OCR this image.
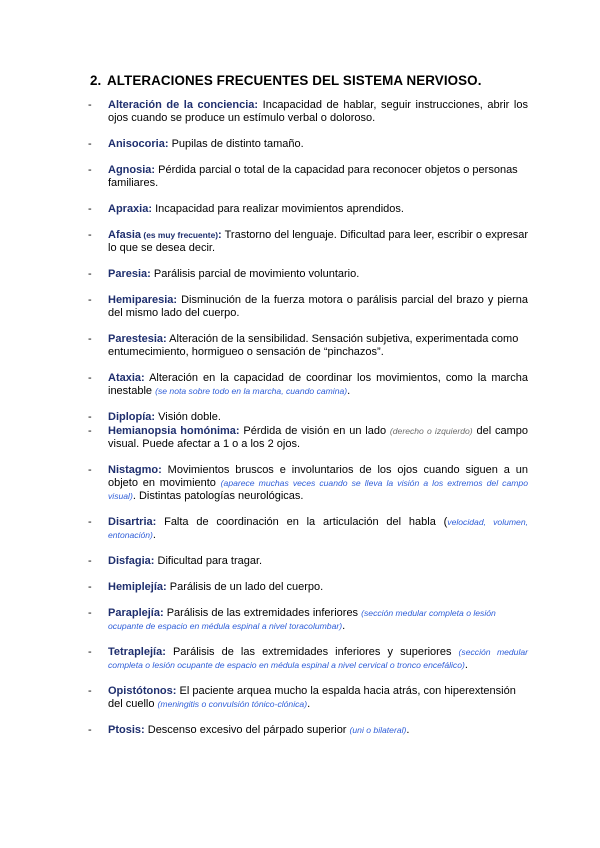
2. ALTERACIONES FRECUENTES DEL SISTEMA NERVIOSO.
- Alteración de la conciencia: Incapacidad de hablar, seguir instrucciones, abrir los ojos cuando se produce un estímulo verbal o doloroso.
- Anisocoria: Pupilas de distinto tamaño.
- Agnosia: Pérdida parcial o total de la capacidad para reconocer objetos o personas familiares.
- Apraxia: Incapacidad para realizar movimientos aprendidos.
- Afasia (es muy frecuente): Trastorno del lenguaje. Dificultad para leer, escribir o expresar lo que se desea decir.
- Paresia: Parálisis parcial de movimiento voluntario.
- Hemiparesia: Disminución de la fuerza motora o parálisis parcial del brazo y pierna del mismo lado del cuerpo.
- Parestesia: Alteración de la sensibilidad. Sensación subjetiva, experimentada como entumecimiento, hormigueo o sensación de “pinchazos”.
- Ataxia: Alteración en la capacidad de coordinar los movimientos, como la marcha inestable (se nota sobre todo en la marcha, cuando camina).
- Diplopía: Visión doble.
- Hemianopsia homónima: Pérdida de visión en un lado (derecho o izquierdo) del campo visual. Puede afectar a 1 o a los 2 ojos.
- Nistagmo: Movimientos bruscos e involuntarios de los ojos cuando siguen a un objeto en movimiento (aparece muchas veces cuando se lleva la visión a los extremos del campo visual). Distintas patologías neurológicas.
- Disartria: Falta de coordinación en la articulación del habla (velocidad, volumen, entonación).
- Disfagia: Dificultad para tragar.
- Hemiplejía: Parálisis de un lado del cuerpo.
- Paraplejía: Parálisis de las extremidades inferiores (sección medular completa o lesión ocupante de espacio en médula espinal a nivel toracolumbar).
- Tetraplejía: Parálisis de las extremidades inferiores y superiores (sección medular completa o lesión ocupante de espacio en médula espinal a nivel cervical o tronco encefálico).
- Opistótonos: El paciente arquea mucho la espalda hacia atrás, con hiperextensión del cuello (meningitis o convulsión tónico-clónica).
- Ptosis: Descenso excesivo del párpado superior (uni o bilateral).
